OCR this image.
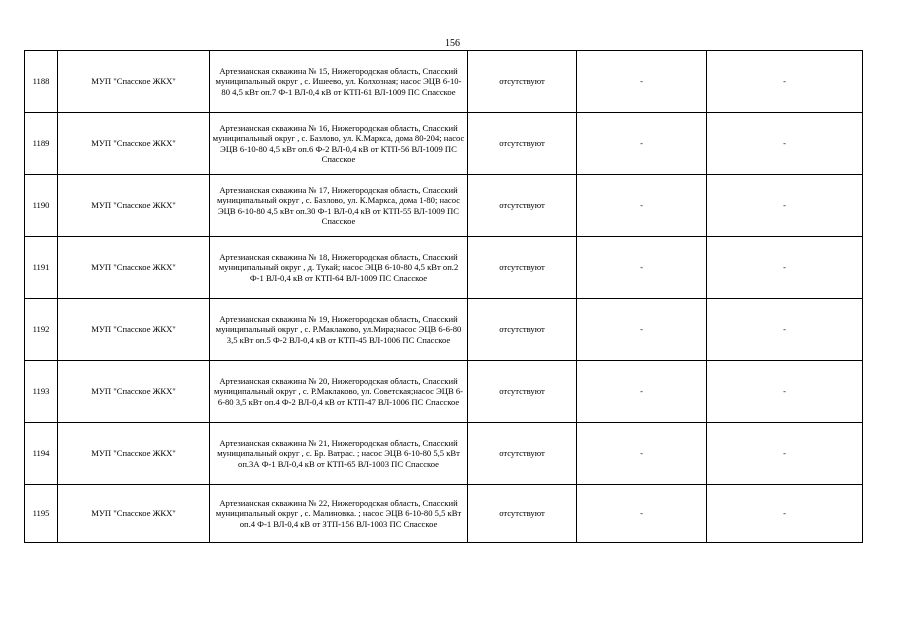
156
1188	МУП "Спасское ЖКХ"	Артезианская скважина № 15, Нижегородская область, Спасский муниципальный округ , с. Ишеево, ул. Колхозная; насос ЭЦВ 6-10-80 4,5 кВт оп.7 Ф-1 ВЛ-0,4 кВ от КТП-61 ВЛ-1009 ПС Спасское	отсутствуют	-	-
1189	МУП "Спасское ЖКХ"	Артезианская скважина № 16, Нижегородская область, Спасский муниципальный округ , с. Базлово, ул. К.Маркса, дома 80-204; насос ЭЦВ 6-10-80 4,5 кВт оп.6 Ф-2 ВЛ-0,4 кВ от КТП-56 ВЛ-1009 ПС Спасское	отсутствуют	-	-
1190	МУП "Спасское ЖКХ"	Артезианская скважина № 17, Нижегородская область, Спасский муниципальный округ , с. Базлово, ул. К.Маркса, дома 1-80; насос ЭЦВ 6-10-80 4,5 кВт оп.30 Ф-1 ВЛ-0,4 кВ от КТП-55 ВЛ-1009 ПС Спасское	отсутствуют	-	-
1191	МУП "Спасское ЖКХ"	Артезианская скважина № 18, Нижегородская область, Спасский муниципальный округ , д. Тукай; насос ЭЦВ 6-10-80 4,5 кВт оп.2 Ф-1 ВЛ-0,4 кВ от КТП-64 ВЛ-1009 ПС Спасское	отсутствуют	-	-
1192	МУП "Спасское ЖКХ"	Артезианская скважина № 19, Нижегородская область, Спасский муниципальный округ , с. Р.Маклаково, ул.Мира;насос ЭЦВ 6-6-80 3,5 кВт оп.5 Ф-2 ВЛ-0,4 кВ от КТП-45 ВЛ-1006 ПС Спасское	отсутствуют	-	-
1193	МУП "Спасское ЖКХ"	Артезианская скважина № 20, Нижегородская область, Спасский муниципальный округ , с. Р.Маклаково, ул. Советская;насос ЭЦВ 6-6-80 3,5 кВт оп.4 Ф-2 ВЛ-0,4 кВ от КТП-47 ВЛ-1006 ПС Спасское	отсутствуют	-	-
1194	МУП "Спасское ЖКХ"	Артезианская скважина № 21, Нижегородская область, Спасский муниципальный округ , с. Бр. Ватрас. ; насос ЭЦВ 6-10-80 5,5 кВт оп.3А Ф-1 ВЛ-0,4 кВ от КТП-65 ВЛ-1003 ПС Спасское	отсутствуют	-	-
1195	МУП "Спасское ЖКХ"	Артезианская скважина № 22, Нижегородская область, Спасский муниципальный округ , с. Малиновка. ; насос ЭЦВ 6-10-80 5,5 кВт оп.4 Ф-1 ВЛ-0,4 кВ от ЗТП-156 ВЛ-1003 ПС Спасское	отсутствуют	-	-
